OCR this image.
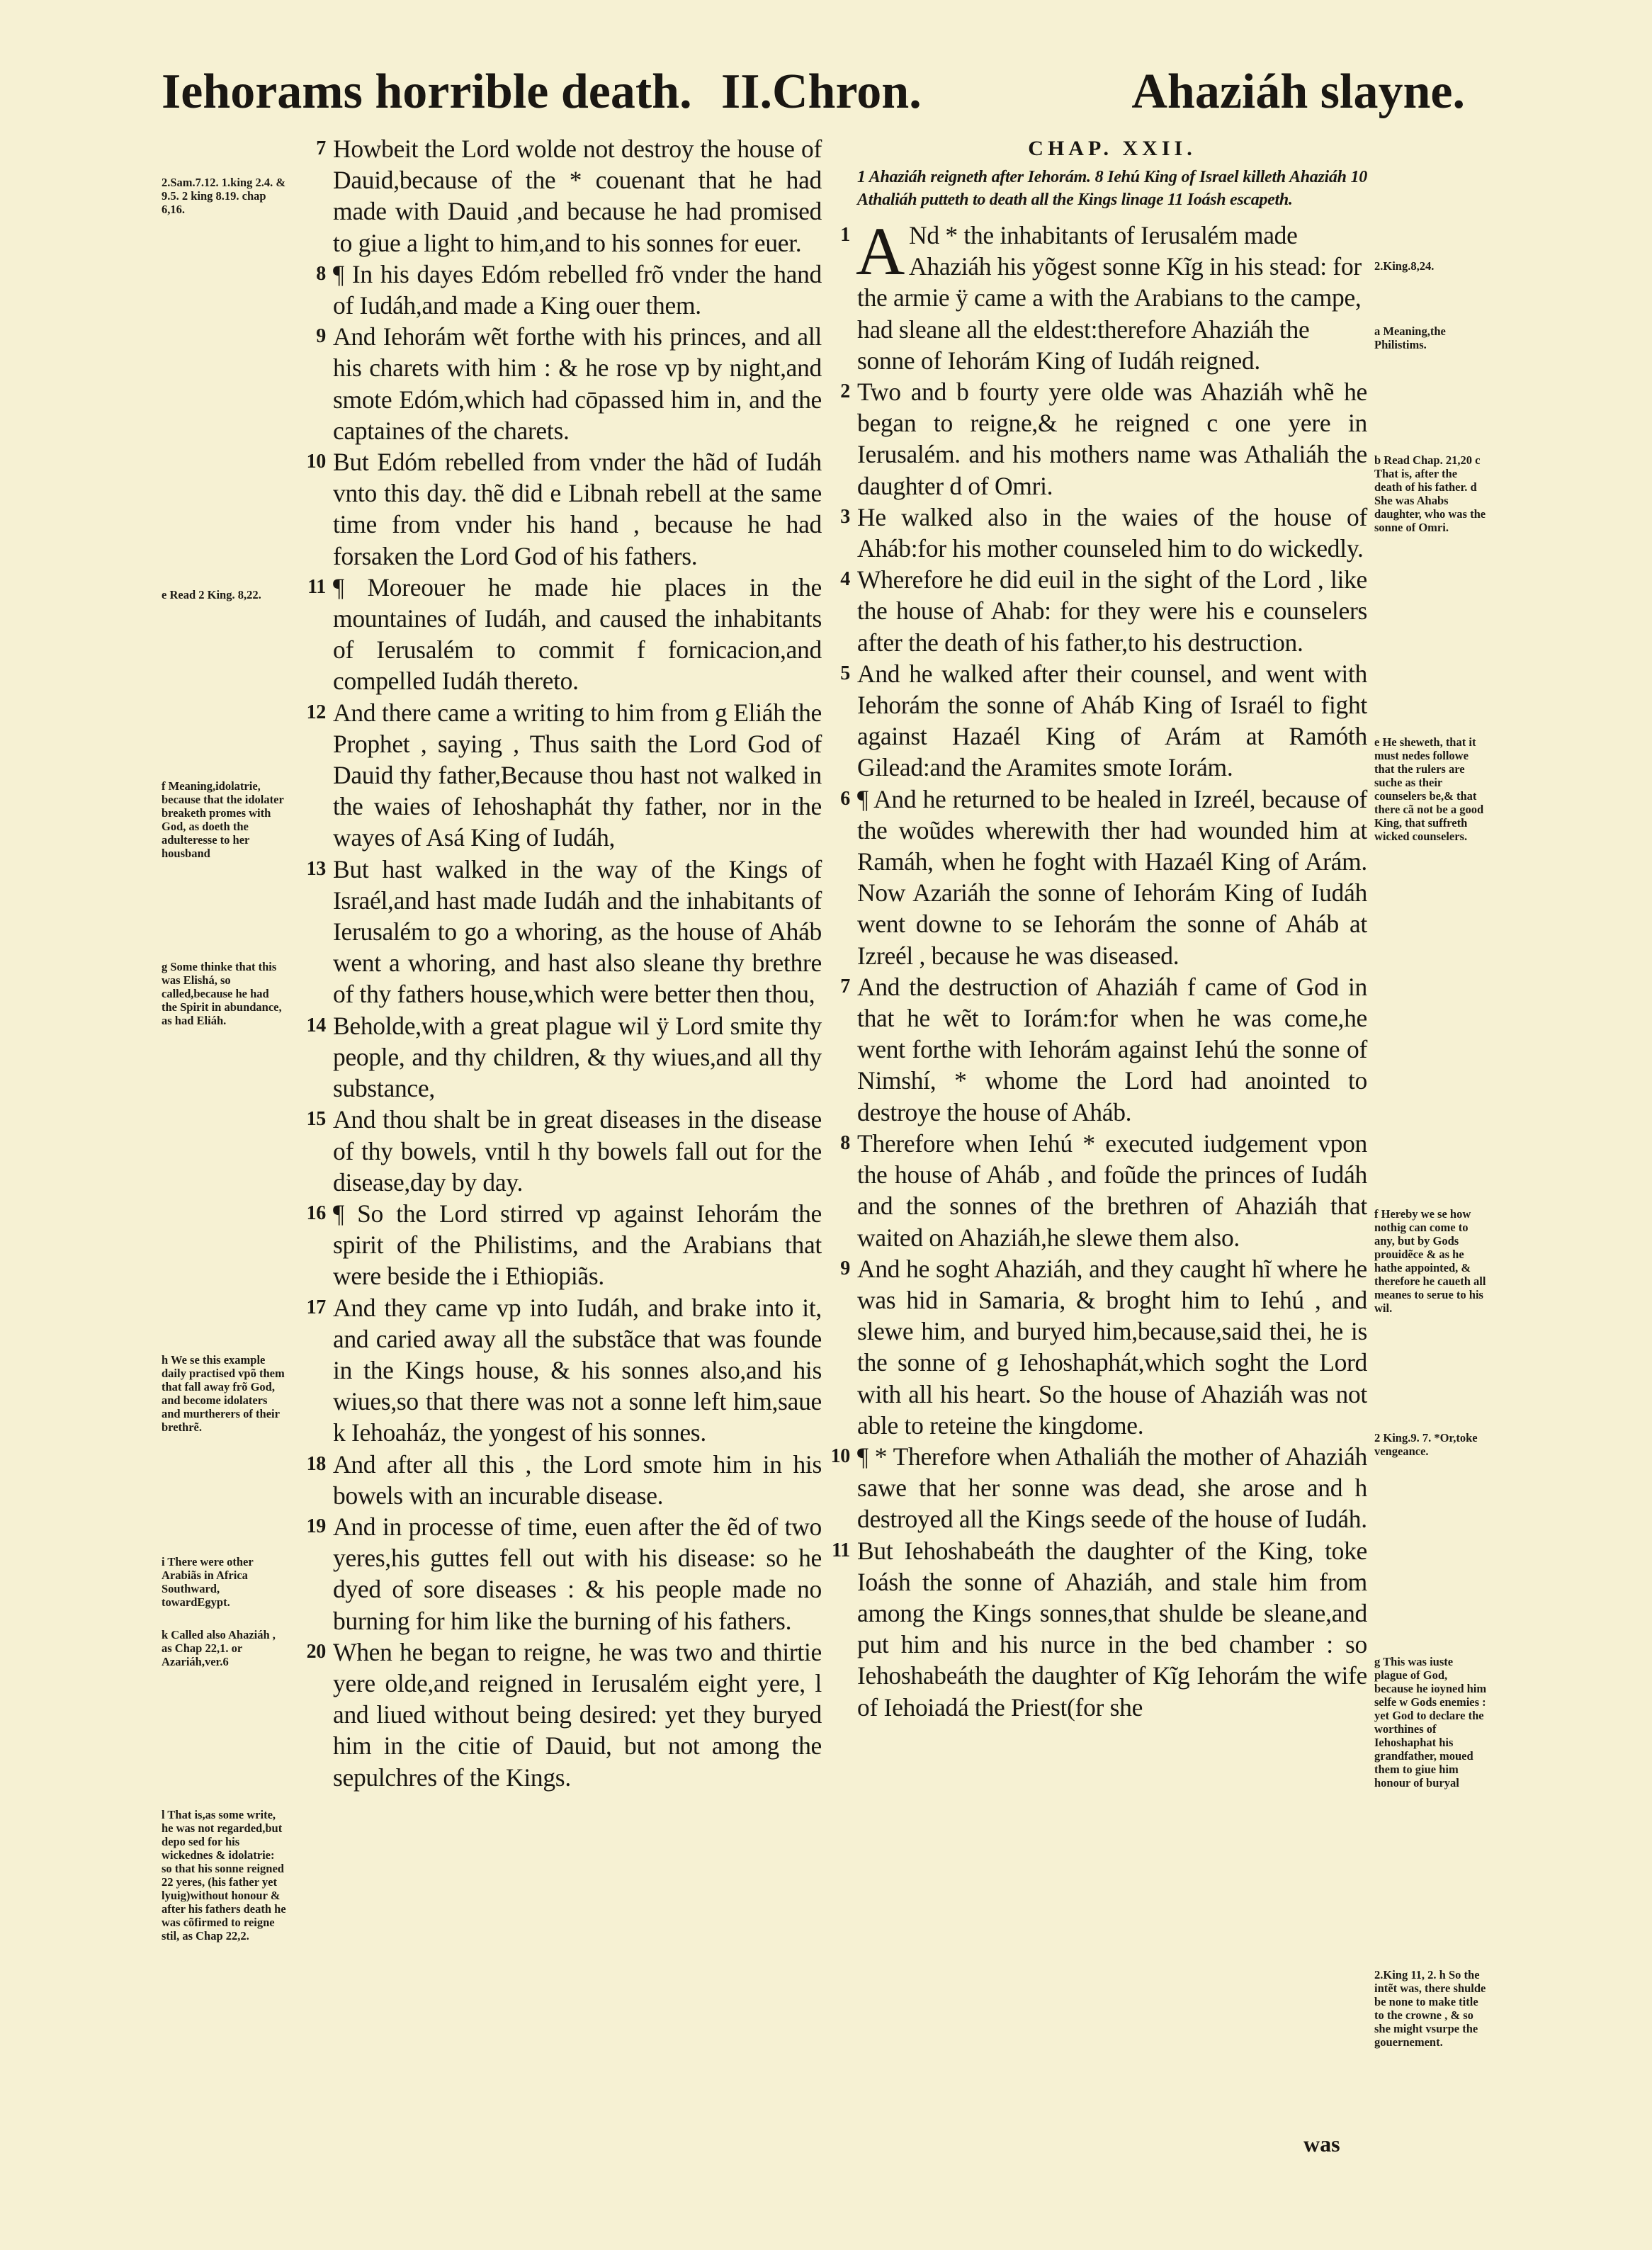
Iehorams horrible death. II.Chron.	Ahaziáh slayne.

7 Howbeit the Lord wolde not destroy the house of Dauid,because of the * couenant that he had made with Dauid ,and because he had promised to giue a light to him,and to his sonnes for euer.

8 ¶ In his dayes Edóm rebelled frõ vnder the hand of Iudáh,and made a King ouer them.

9 And Iehorám wẽt forthe with his princes, and all his charets with him : & he rose vp by night,and smote Edóm,which had cōpassed him in, and the captaines of the charets.

10 But Edóm rebelled from vnder the hãd of Iudáh vnto this day. thẽ did e Libnah rebell at the same time from vnder his hand , because he had forsaken the Lord God of his fathers.

11 ¶ Moreouer he made hie places in the mountaines of Iudáh, and caused the inhabitants of Ierusalém to commit f fornicacion,and compelled Iudáh thereto.

12 And there came a writing to him from g Eliáh the Prophet , saying , Thus saith the Lord God of Dauid thy father,Because thou hast not walked in the waies of Iehoshaphát thy father, nor in the wayes of Asá King of Iudáh,

13 But hast walked in the way of the Kings of Israél,and hast made Iudáh and the inhabitants of Ierusalém to go a whoring, as the house of Aháb went a whoring, and hast also sleane thy brethre of thy fathers house,which were better then thou,

14 Beholde,with a great plague wil ÿ Lord smite thy people, and thy children, & thy wiues,and all thy substance,

15 And thou shalt be in great diseases in the disease of thy bowels, vntil h thy bowels fall out for the disease,day by day.

16 ¶ So the Lord stirred vp against Iehorám the spirit of the Philistims, and the Arabians that were beside the i Ethiopiãs.

17 And they came vp into Iudáh, and brake into it, and caried away all the substãce that was founde in the Kings house, & his sonnes also,and his wiues,so that there was not a sonne left him,saue k Iehoaház, the yongest of his sonnes.

18 And after all this , the Lord smote him in his bowels with an incurable disease.

19 And in processe of time, euen after the ẽd of two yeres,his guttes fell out with his disease: so he dyed of sore diseases : & his people made no burning for him like the burning of his fathers.

20 When he began to reigne, he was two and thirtie yere olde,and reigned in Ierusalém eight yere, l and liued without being desired: yet they buryed him in the citie of Dauid, but not among the sepulchres of the Kings.

CHAP. XXII.
1 Ahaziáh reigneth after Iehorám. 8 Iehú King of Israel killeth Ahaziáh 10 Athaliáh putteth to death all the Kings linage 11 Ioásh escapeth.

1 A Nd * the inhabitants of Ierusalém made Ahaziáh his yõgest sonne Kĩg in his stead: for the armie ÿ came a with the Arabians to the campe, had sleane all the eldest:therefore Ahaziáh the sonne of Iehorám King of Iudáh reigned.

2 Two and b fourty yere olde was Ahaziáh whẽ he began to reigne,& he reigned c one yere in Ierusalém. and his mothers name was Athaliáh the daughter d of Omri.

3 He walked also in the waies of the house of Aháb:for his mother counseled him to do wickedly.

4 Wherefore he did euil in the sight of the Lord , like the house of Ahab: for they were his e counselers after the death of his father,to his destruction.

5 And he walked after their counsel, and went with Iehorám the sonne of Aháb King of Israél to fight against Hazaél King of Arám at Ramóth Gilead:and the Aramites smote Iorám.

6 ¶ And he returned to be healed in Izreél, because of the woũdes wherewith ther had wounded him at Ramáh, when he foght with Hazaél King of Arám. Now Azariáh the sonne of Iehorám King of Iudáh went downe to se Iehorám the sonne of Aháb at Izreél , because he was diseased.

7 And the destruction of Ahaziáh f came of God in that he wẽt to Iorám:for when he was come,he went forthe with Iehorám against Iehú the sonne of Nimshí, * whome the Lord had anointed to destroye the house of Aháb.

8 Therefore when Iehú * executed iudgement vpon the house of Aháb , and foũde the princes of Iudáh and the sonnes of the brethren of Ahaziáh that waited on Ahaziáh,he slewe them also.

9 And he soght Ahaziáh, and they caught hĩ where he was hid in Samaria, & broght him to Iehú , and slewe him, and buryed him,because,said thei, he is the sonne of g Iehoshaphát,which soght the Lord with all his heart. So the house of Ahaziáh was not able to reteine the kingdome.

10 ¶ * Therefore when Athaliáh the mother of Ahaziáh sawe that her sonne was dead, she arose and h destroyed all the Kings seede of the house of Iudáh.

11 But Iehoshabeáth the daughter of the King, toke Ioásh the sonne of Ahaziáh, and stale him from among the Kings sonnes,that shulde be sleane,and put him and his nurce in the bed chamber : so Iehoshabeáth the daughter of Kĩg Iehorám the wife of Iehoiadá the Priest(for she

was
2.Sam.7.12. 1.king 2.4. & 9.5. 2 king 8.19. chap 6,16.
e Read 2 King. 8,22.
f Meaning,idolatrie, because that the idolater breaketh promes with God, as doeth the adulteresse to her housband
g Some thinke that this was Elishá, so called,because he had the Spirit in abundance, as had Eliáh.
h We se this example daily practised vpõ them that fall away frõ God, and become idolaters and murtherers of their brethrẽ.
i There were other Arabiãs in Africa Southward, towardEgypt.
k Called also Ahaziáh , as Chap 22,1. or Azariáh,ver.6
l That is,as some write, he was not regarded,but depo sed for his wickednes & idolatrie: so that his sonne reigned 22 yeres, (his father yet lyuig)without honour & after his fathers death he was cõfirmed to reigne stil, as Chap 22,2.
2.King.8,24.
a Meaning,the Philistims.
b Read Chap. 21,20 c That is, after the death of his father. d She was Ahabs daughter, who was the sonne of Omri.
e He sheweth, that it must nedes followe that the rulers are suche as their counselers be,& that there cã not be a good King, that suffreth wicked counselers.
f Hereby we se how nothig can come to any, but by Gods prouidẽce & as he hathe appointed, & therefore he caueth all meanes to serue to his wil.
2 King.9. 7. *Or,toke vengeance.
g This was iuste plague of God, because he ioyned him selfe w Gods enemies : yet God to declare the worthines of Iehoshaphat his grandfather, moued them to giue him honour of buryal
2.King 11, 2. h So the intẽt was, there shulde be none to make title to the crowne , & so she might vsurpe the gouernement.
